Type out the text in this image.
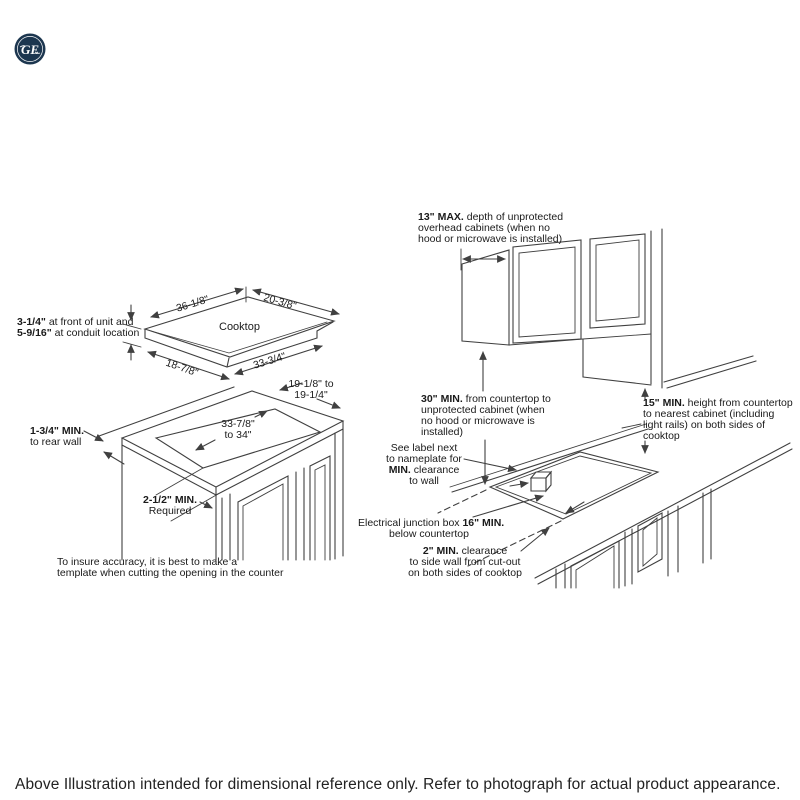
GE
36-1/8"	20-3/8"
Cooktop
33-3/4"
18-7/8"
3-1/4" at front of unit and
5-9/16" at conduit location
1-3/4" MIN.
to rear wall
19-1/8" to
19-1/4"
33-7/8"
to 34"
2-1/2" MIN.
Required
To insure accuracy, it is best to make a
template when cutting the opening in the counter
13" MAX. depth of unprotected
overhead cabinets (when no
hood or microwave is installed)
30" MIN. from countertop to
unprotected cabinet (when
no hood or microwave is
installed)
15" MIN. height from countertop
to nearest cabinet (including
light rails) on both sides of
cooktop
See label next
to nameplate for
MIN. clearance
to wall
Electrical junction box 16" MIN.
below countertop
2" MIN. clearance
to side wall from cut-out
on both sides of cooktop
Above Illustration intended for dimensional reference only. Refer to photograph for actual product appearance.
